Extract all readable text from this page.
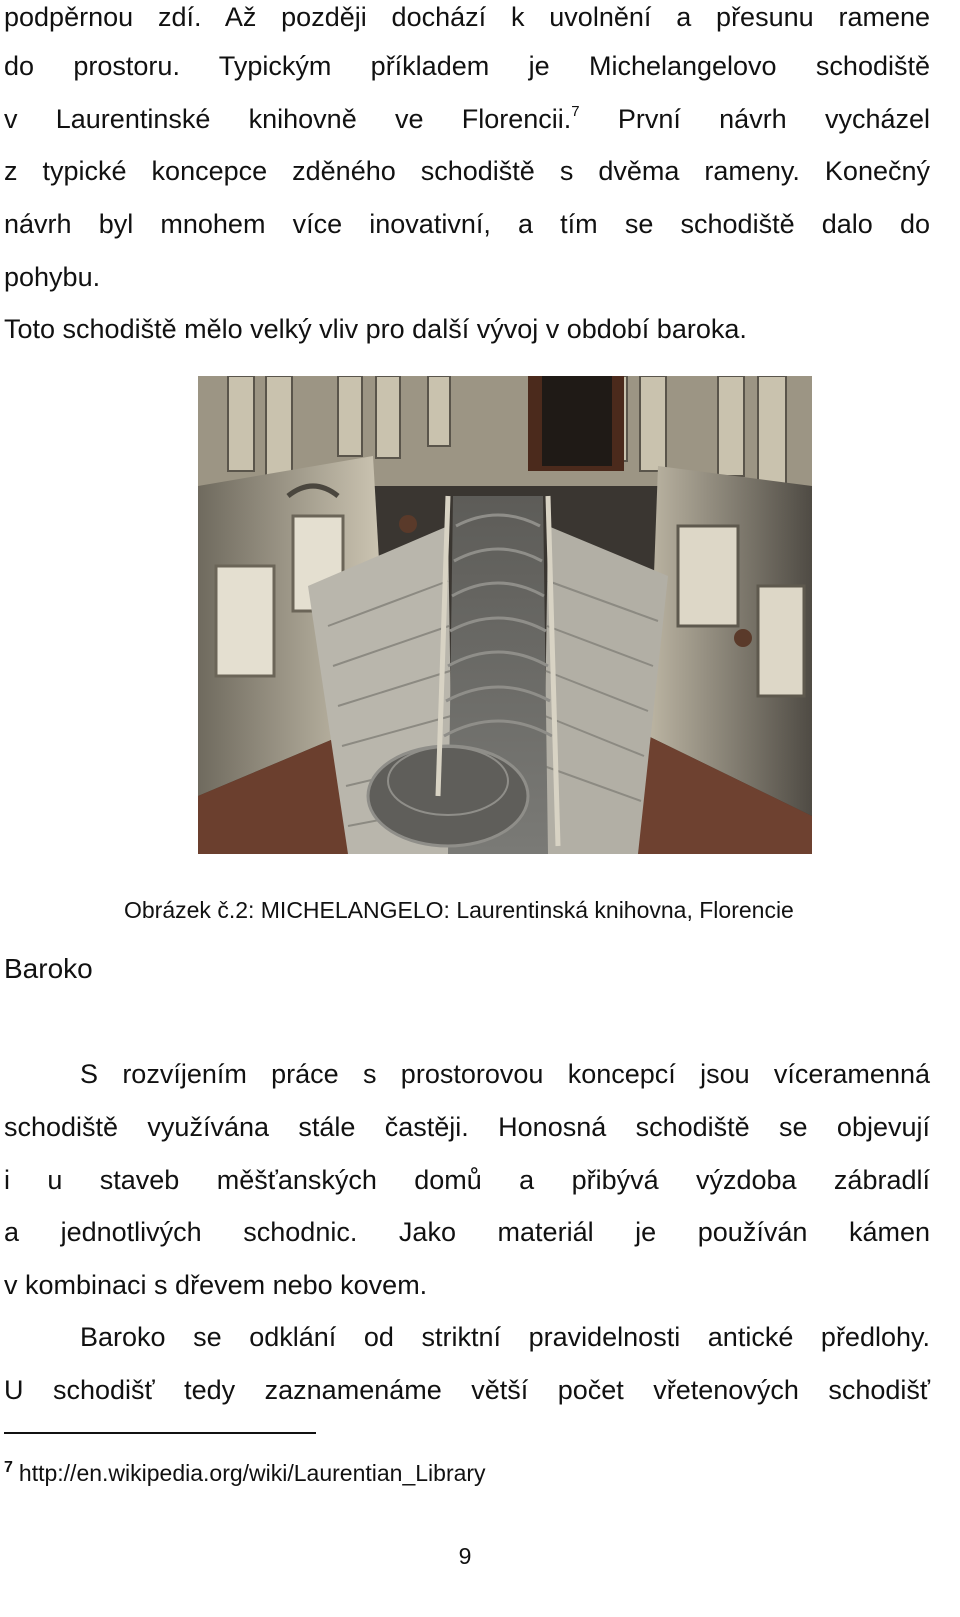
podpěrnou zdí. Až později dochází k uvolnění a přesunu ramene
do prostoru. Typickým příkladem je Michelangelovo schodiště
v Laurentinské knihovně ve Florencii.$^7$ První návrh vycházel
z typické koncepce zděného schodiště s dvěma rameny. Konečný
návrh byl mnohem více inovativní, a tím se schodiště dalo do
pohybu.
Toto schodiště mělo velký vliv pro další vývoj v období baroka.
Obrázek č.2: MICHELANGELO: Laurentinská knihovna, Florencie
Baroko
S rozvíjením práce s prostorovou koncepcí jsou víceramenná
schodiště využívána stále častěji. Honosná schodiště se objevují
i u staveb měšťanských domů a přibývá výzdoba zábradlí
a jednotlivých schodnic. Jako materiál je používán kámen
v kombinaci s dřevem nebo kovem.
Baroko se odklání od striktní pravidelnosti antické předlohy.
U schodišť tedy zaznamenáme větší počet vřetenových schodišť
$^7$ http://en.wikipedia.org/wiki/Laurentian_Library
9
